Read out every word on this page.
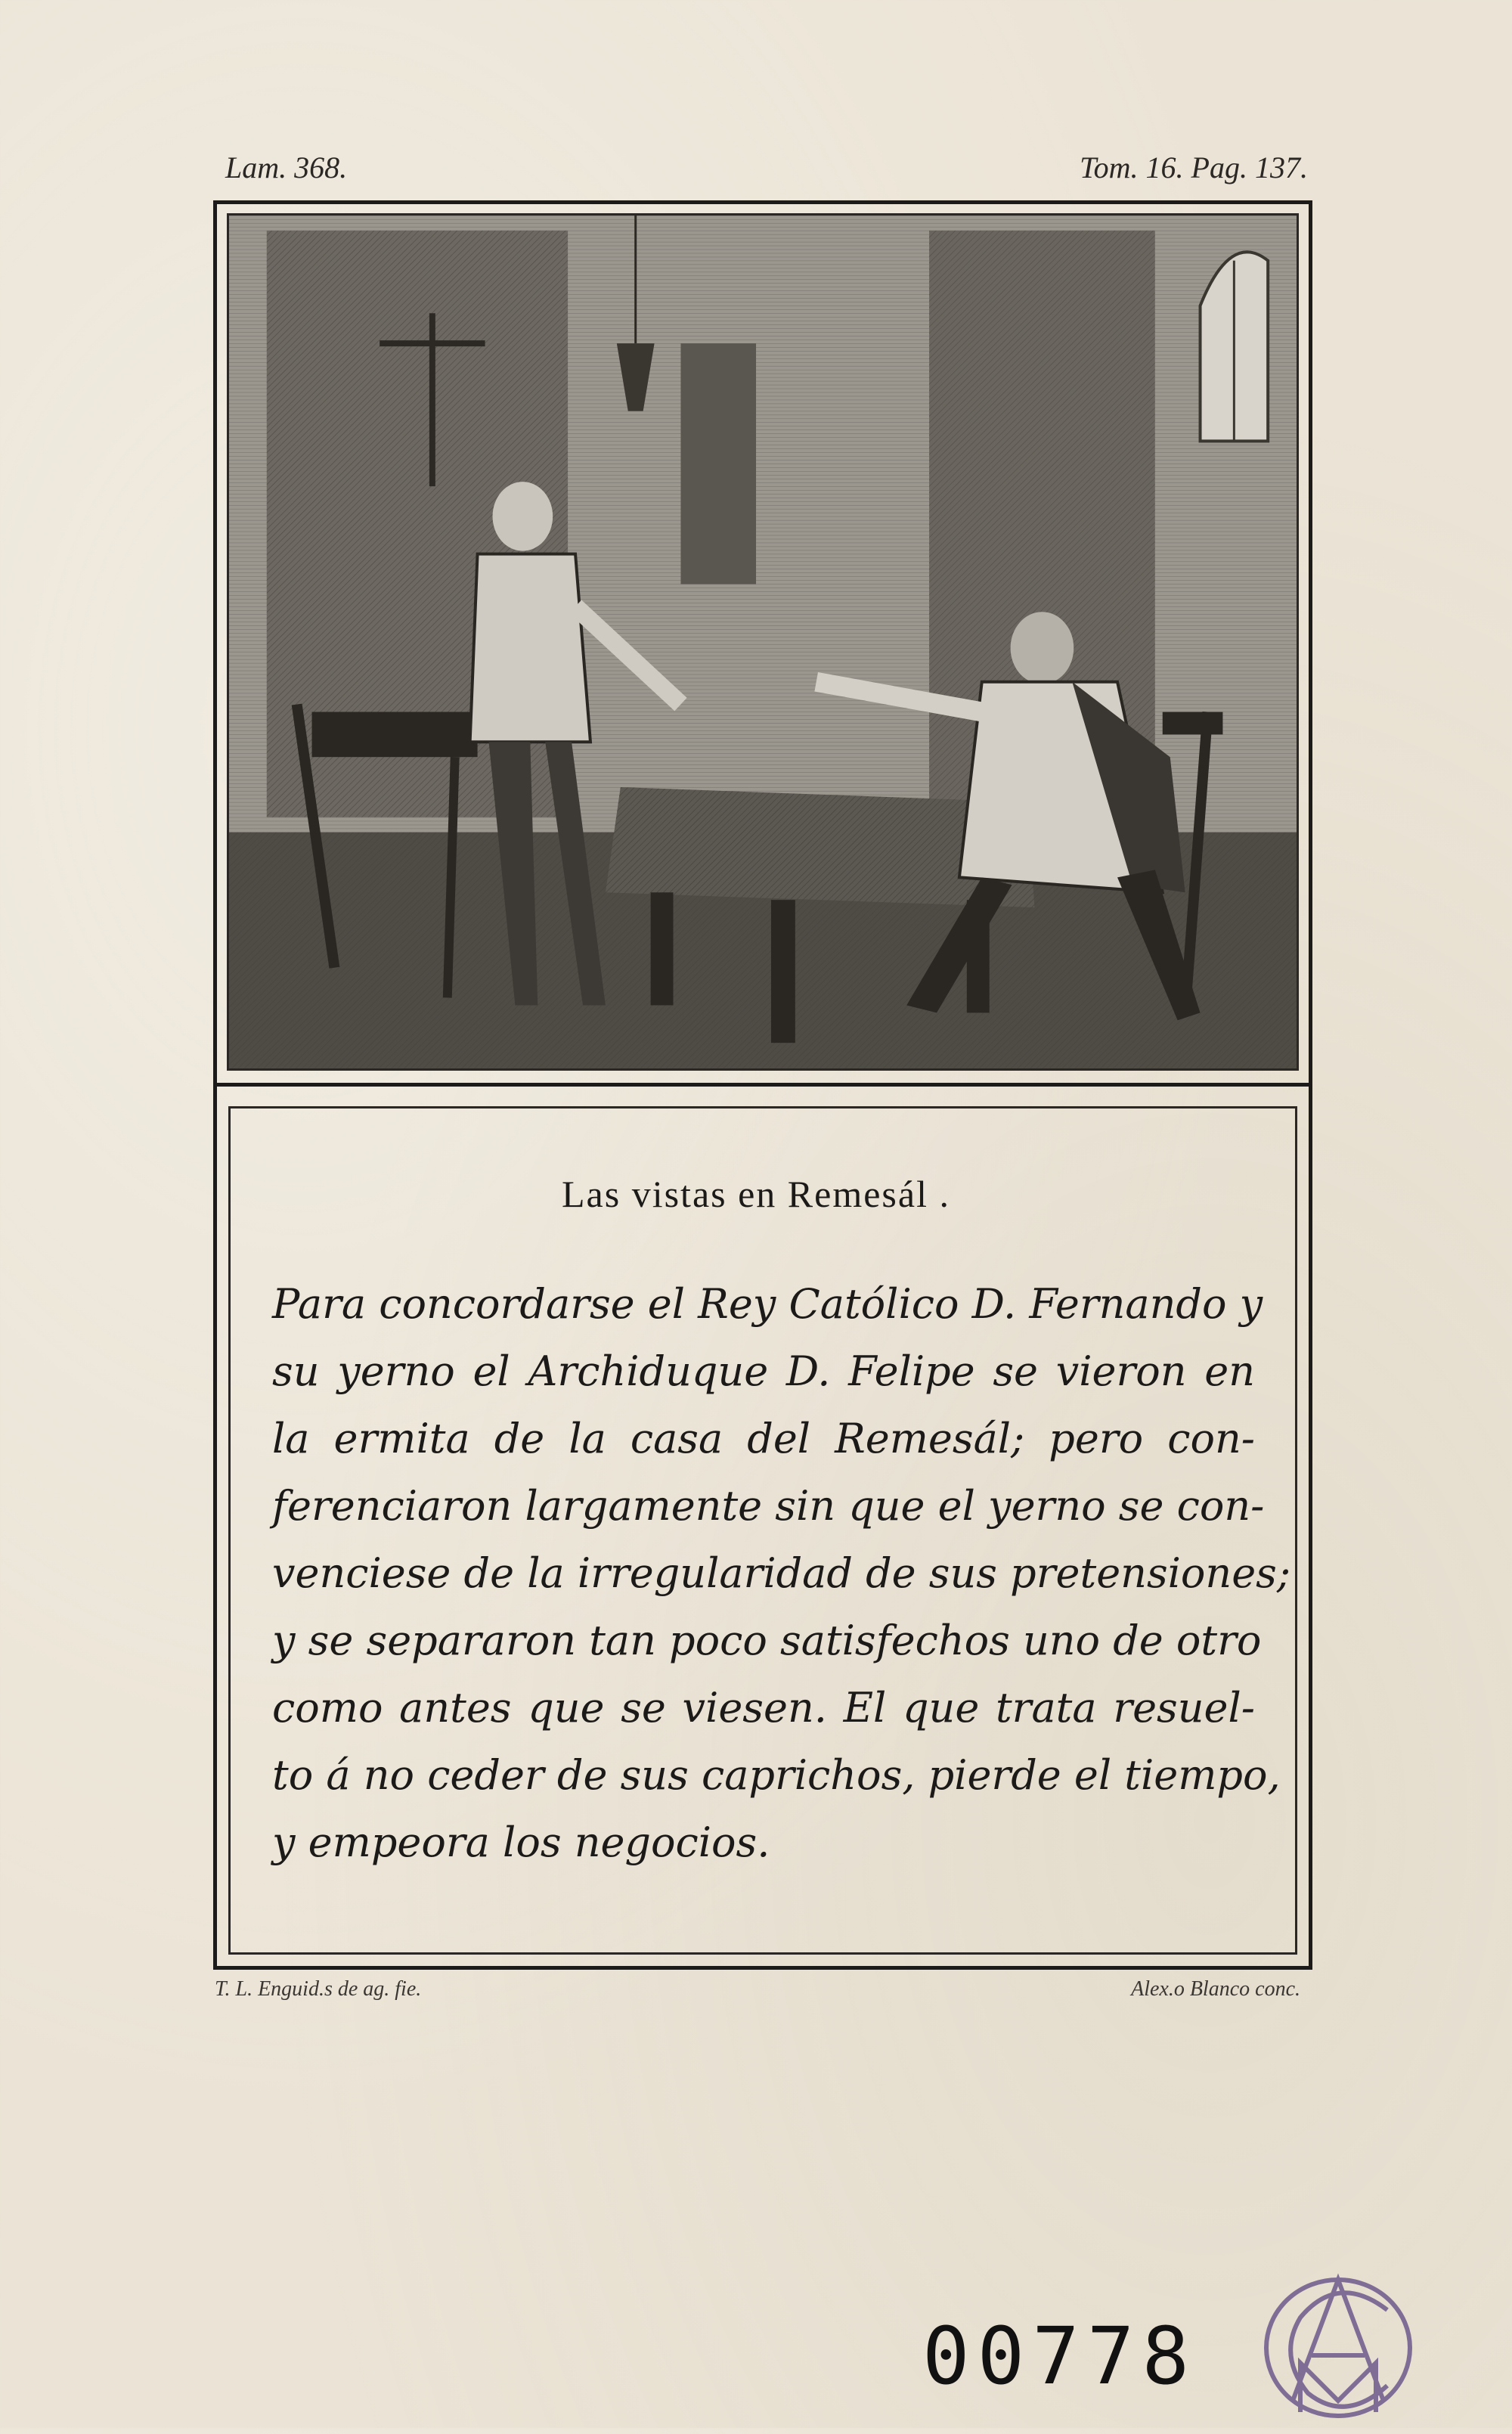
Lam. 368.	Tom. 16. Pag. 137.
Las vistas en Remesál .
Para concordarse el Rey Católico D. Fernando y
su yerno el Archiduque D. Felipe se vieron en
la ermita de la casa del Remesál; pero con-
ferenciaron largamente sin que el yerno se con-
venciese de la irregularidad de sus pretensiones;
y se separaron tan poco satisfechos uno de otro
como antes que se viesen. El que trata resuel-
to á no ceder de sus caprichos, pierde el tiempo,
y empeora los negocios.
T. L. Enguid.s de ag. fie.	Alex.o Blanco conc.
00778
